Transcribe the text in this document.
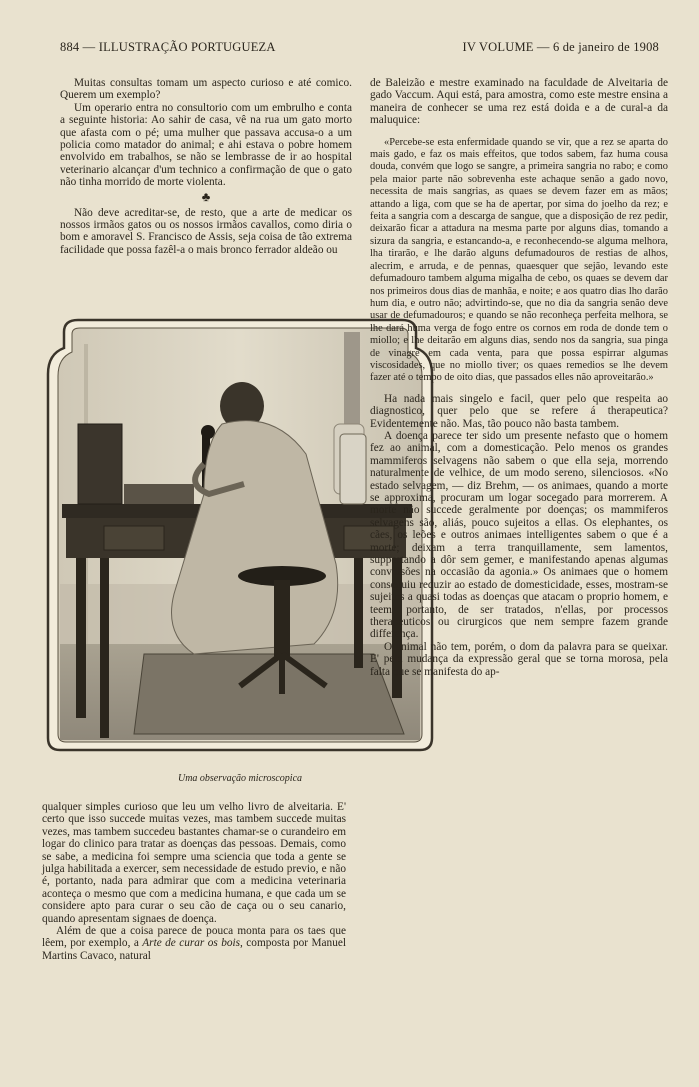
884 — ILLUSTRAÇÃO PORTUGUEZA	IV VOLUME — 6 de janeiro de 1908

Muitas consultas tomam um aspecto curioso e até comico. Querem um exemplo?

Um operario entra no consultorio com um embrulho e conta a seguinte historia: Ao sahir de casa, vê na rua um gato morto que afasta com o pé; uma mulher que passava accusa-o a um policia como matador do animal; e ahi estava o pobre homem envolvido em trabalhos, se não se lembrasse de ir ao hospital veterinario alcançar d'um technico a confirmação de que o gato não tinha morrido de morte violenta.

♣

Não deve acreditar-se, de resto, que a arte de medicar os nossos irmãos gatos ou os nossos irmãos cavallos, como diria o bom e amoravel S. Francisco de Assis, seja coisa de tão extrema facilidade que possa fazêl-a o mais bronco ferrador aldeão ou

Uma observação microscopica

qualquer simples curioso que leu um velho livro de alveitaria. E' certo que isso succede muitas vezes, mas tambem succede muitas vezes, mas tambem succedeu bastantes chamar-se o curandeiro em logar do clinico para tratar as doenças das pessoas. Demais, como se sabe, a medicina foi sempre uma sciencia que toda a gente se julga habilitada a exercer, sem necessidade de estudo previo, e não é, portanto, nada para admirar que com a medicina veterinaria aconteça o mesmo que com a medicina humana, e que cada um se considere apto para curar o seu cão de caça ou o seu canario, quando apresentam signaes de doença.

Além de que a coisa parece de pouca monta para os taes que lêem, por exemplo, a Arte de curar os bois, composta por Manuel Martins Cavaco, natural

de Baleizão e mestre examinado na faculdade de Alveitaria de gado Vaccum. Aqui está, para amostra, como este mestre ensina a maneira de conhecer se uma rez está doida e a de cural-a da maluquice:

«Percebe-se esta enfermidade quando se vir, que a rez se aparta do mais gado, e faz os mais effeitos, que todos sabem, faz huma cousa douda, convém que logo se sangre, a primeira sangria no rabo; e como pela maior parte não sobrevenha este achaque senão a gado novo, necessita de mais sangrias, as quaes se devem fazer em as mãos; attando a liga, com que se ha de apertar, por sima do joelho da rez; e feita a sangria com a descarga de sangue, que a disposição de rez pedir, deixarão ficar a attadura na mesma parte por alguns dias, tomando a sizura da sangria, e estancando-a, e reconhecendo-se alguma melhora, lha tirarão, e lhe darão alguns defumadouros de restias de alhos, alecrim, e arruda, e de pennas, quaesquer que sejão, levando este defumadouro tambem alguma migalha de cebo, os quaes se devem dar nos primeiros dous dias de manhãa, e noite; e aos quatro dias lho darão hum dia, e outro não; advirtindo-se, que no dia da sangria senão deve usar de defumadouros; e quando se não reconheça perfeita melhora, se lhe dará huma verga de fogo entre os cornos em roda de donde tem o miollo; e lhe deitarão em alguns dias, sendo nos da sangria, sua pinga de vinagre em cada venta, para que possa espirrar algumas viscosidades, que no miollo tiver; os quaes remedios se lhe devem fazer até o tempo de oito dias, que passados elles não aproveitarão.»

Ha nada mais singelo e facil, quer pelo que respeita ao diagnostico, quer pelo que se refere á therapeutica? Evidentemente não. Mas, tão pouco não basta tambem.

A doença parece ter sido um presente nefasto que o homem fez ao animal, com a domesticação. Pelo menos os grandes mammiferos selvagens não sabem o que ella seja, morrendo naturalmente de velhice, de um modo sereno, silenciosos. «No estado selvagem, — diz Brehm, — os animaes, quando a morte se approxima, procuram um logar socegado para morrerem. A morte não succede geralmente por doenças; os mammiferos selvagens são, aliás, pouco sujeitos a ellas. Os elephantes, os cães, os leões e outros animaes intelligentes sabem o que é a morte; deixam a terra tranquillamente, sem lamentos, supportando a dôr sem gemer, e manifestando apenas algumas convulsões na occasião da agonia.» Os animaes que o homem conseguiu reduzir ao estado de domesticidade, esses, mostram-se sujeitos a quasi todas as doenças que atacam o proprio homem, e teem, portanto, de ser tratados, n'ellas, por processos therapeuticos ou cirurgicos que nem sempre fazem grande differença.

O animal não tem, porém, o dom da palavra para se queixar. E' pela mudança da expressão geral que se torna morosa, pela falta que se manifesta do ap-
